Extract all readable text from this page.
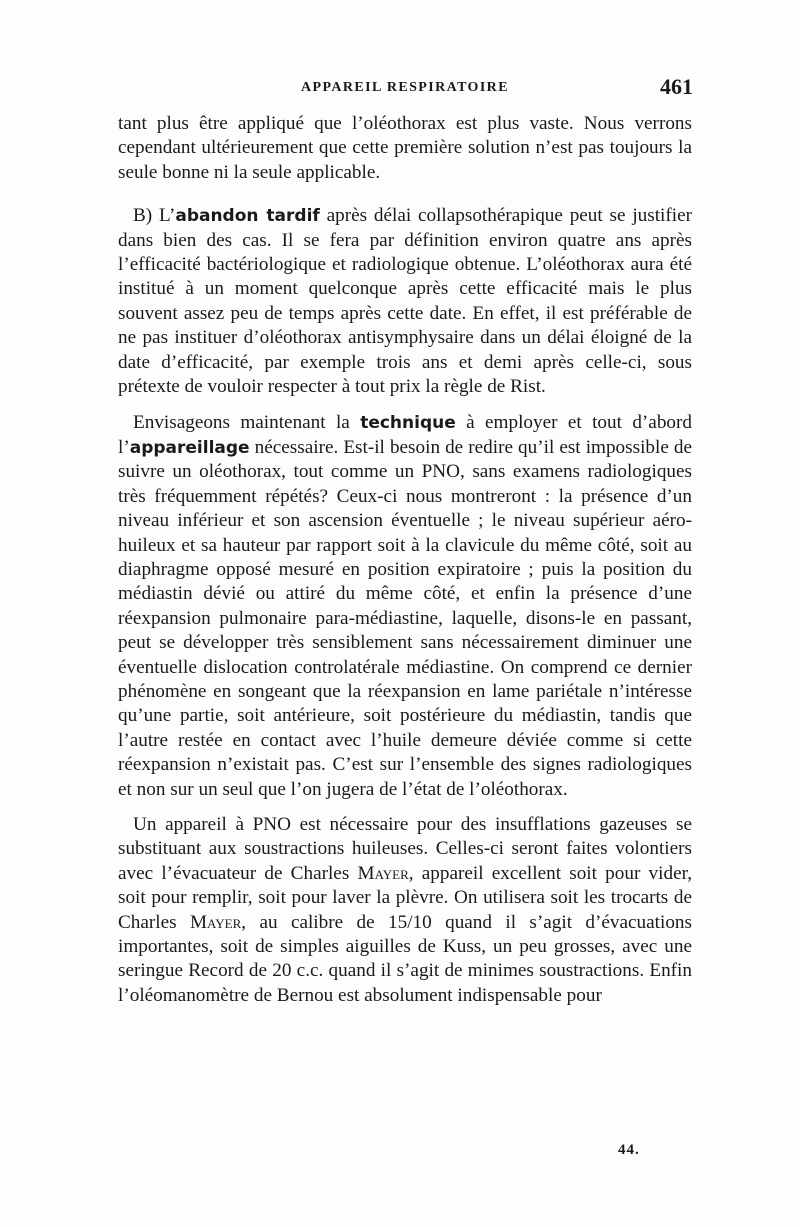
APPAREIL RESPIRATOIRE	461

tant plus être appliqué que l’oléothorax est plus vaste. Nous verrons cependant ultérieurement que cette première solution n’est pas toujours la seule bonne ni la seule applicable.

B) L’abandon tardif après délai collapsothérapique peut se justifier dans bien des cas. Il se fera par définition environ quatre ans après l’efficacité bactériologique et radiologique obtenue. L’oléothorax aura été institué à un moment quelconque après cette efficacité mais le plus souvent assez peu de temps après cette date. En effet, il est préférable de ne pas instituer d’oléothorax antisymphysaire dans un délai éloigné de la date d’efficacité, par exemple trois ans et demi après celle-ci, sous prétexte de vouloir respecter à tout prix la règle de Rist.

Envisageons maintenant la technique à employer et tout d’abord l’appareillage nécessaire. Est-il besoin de redire qu’il est impossible de suivre un oléothorax, tout comme un PNO, sans examens radiologiques très fréquemment répétés? Ceux-ci nous montreront : la présence d’un niveau inférieur et son ascension éventuelle ; le niveau supérieur aéro-huileux et sa hauteur par rapport soit à la clavicule du même côté, soit au diaphragme opposé mesuré en position expiratoire ; puis la position du médiastin dévié ou attiré du même côté, et enfin la présence d’une réexpansion pulmonaire para-médiastine, laquelle, disons-le en passant, peut se développer très sensiblement sans nécessairement diminuer une éventuelle dislocation controlatérale médiastine. On comprend ce dernier phénomène en songeant que la réexpansion en lame pariétale n’intéresse qu’une partie, soit antérieure, soit postérieure du médiastin, tandis que l’autre restée en contact avec l’huile demeure déviée comme si cette réexpansion n’existait pas. C’est sur l’ensemble des signes radiologiques et non sur un seul que l’on jugera de l’état de l’oléothorax.

Un appareil à PNO est nécessaire pour des insufflations gazeuses se substituant aux soustractions huileuses. Celles-ci seront faites volontiers avec l’évacuateur de Charles Mayer, appareil excellent soit pour vider, soit pour remplir, soit pour laver la plèvre. On utilisera soit les trocarts de Charles Mayer, au calibre de 15/10 quand il s’agit d’évacuations importantes, soit de simples aiguilles de Kuss, un peu grosses, avec une seringue Record de 20 c.c. quand il s’agit de minimes soustractions. Enfin l’oléomanomètre de Bernou est absolument indispensable pour

44.
